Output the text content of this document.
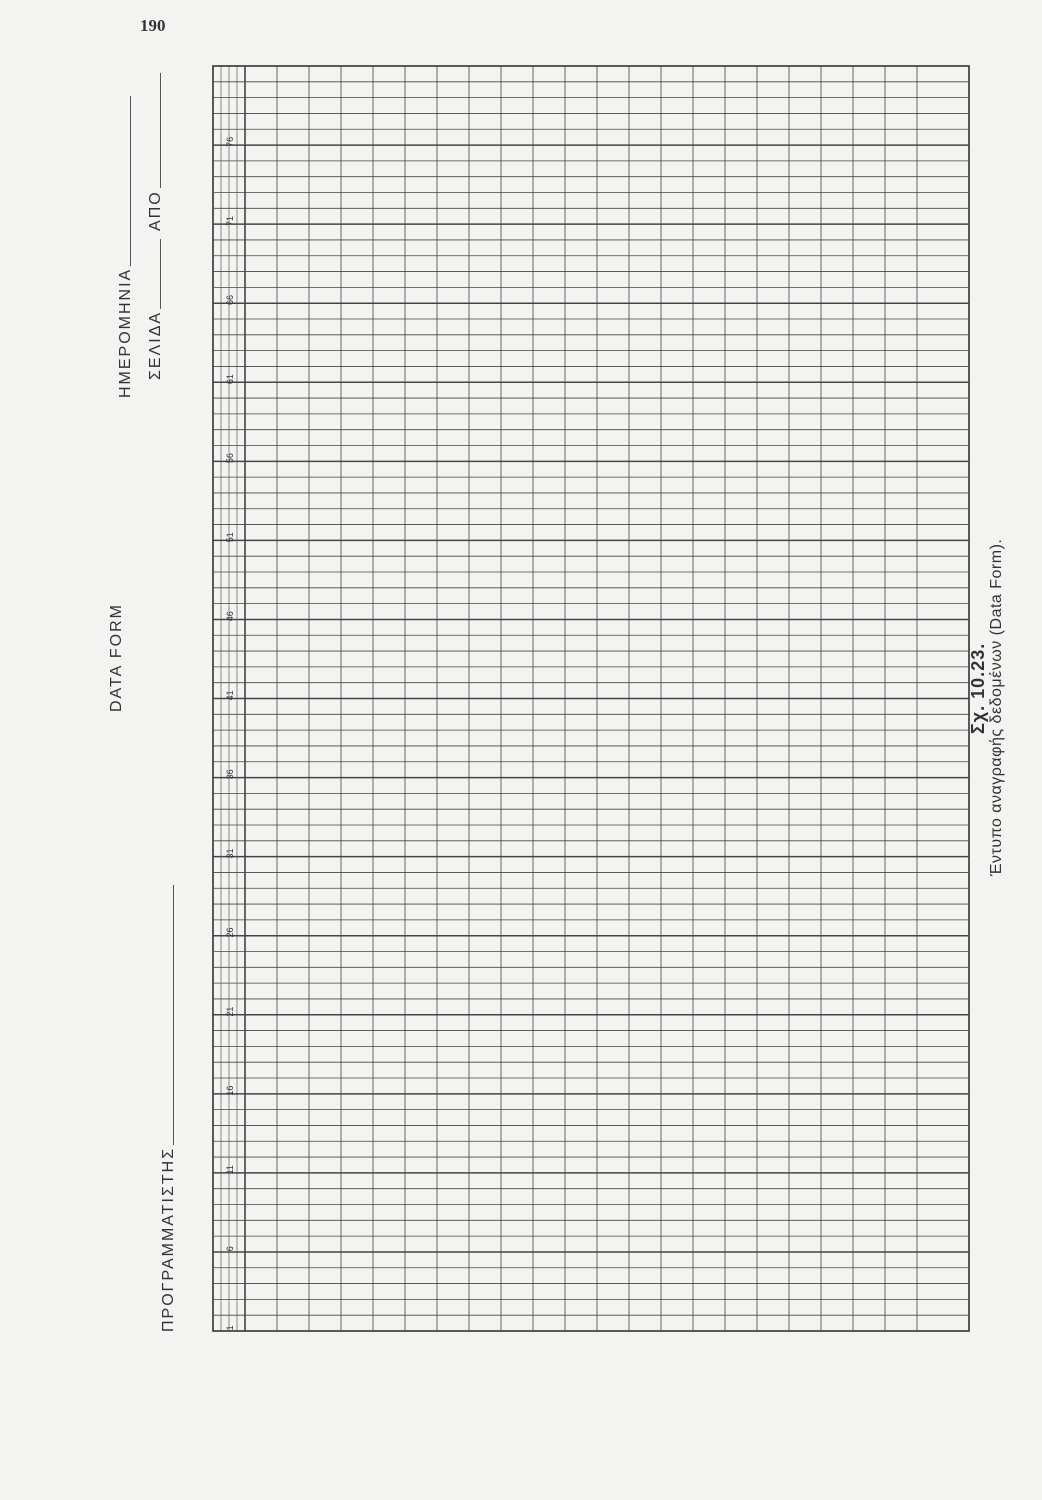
190
DATA FORM
ΗΜΕΡΟΜΗΝΙΑ ΣΕΛΙΔΑ
ΑΠΟ
ΠΡΟΓΡΑΜΜΑΤΙΣΤΗΣ	1
6
11
16
21
26
31
36
41
46
51
56
61
66
71
76
Σχ. 10.23. Έντυπο αναγραφής δεδομένων (Data Form).
